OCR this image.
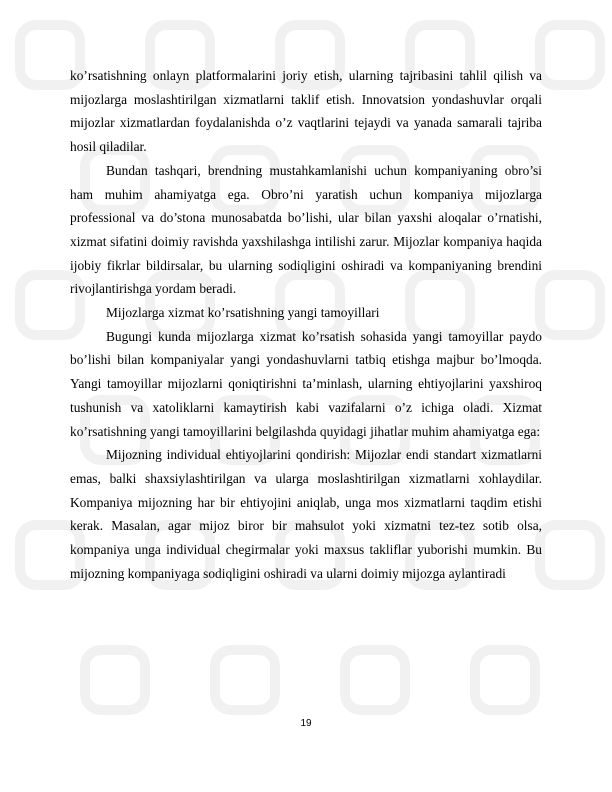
ko’rsatishning onlayn platformalarini joriy etish, ularning tajribasini tahlil qilish va mijozlarga moslashtirilgan xizmatlarni taklif etish. Innovatsion yondashuvlar orqali mijozlar xizmatlardan foydalanishda o’z vaqtlarini tejaydi va yanada samarali tajriba hosil qiladilar.

Bundan tashqari, brendning mustahkamlanishi uchun kompaniyaning obro’si ham muhim ahamiyatga ega. Obro’ni yaratish uchun kompaniya mijozlarga professional va do’stona munosabatda bo’lishi, ular bilan yaxshi aloqalar o’rnatishi, xizmat sifatini doimiy ravishda yaxshilashga intilishi zarur. Mijozlar kompaniya haqida ijobiy fikrlar bildirsalar, bu ularning sodiqligini oshiradi va kompaniyaning brendini rivojlantirishga yordam beradi.

Mijozlarga xizmat ko’rsatishning yangi tamoyillari

Bugungi kunda mijozlarga xizmat ko’rsatish sohasida yangi tamoyillar paydo bo’lishi bilan kompaniyalar yangi yondashuvlarni tatbiq etishga majbur bo’lmoqda. Yangi tamoyillar mijozlarni qoniqtirishni ta’minlash, ularning ehtiyojlarini yaxshiroq tushunish va xatoliklarni kamaytirish kabi vazifalarni o’z ichiga oladi. Xizmat ko’rsatishning yangi tamoyillarini belgilashda quyidagi jihatlar muhim ahamiyatga ega:

Mijozning individual ehtiyojlarini qondirish: Mijozlar endi standart xizmatlarni emas, balki shaxsiylashtirilgan va ularga moslashtirilgan xizmatlarni xohlaydilar. Kompaniya mijozning har bir ehtiyojini aniqlab, unga mos xizmatlarni taqdim etishi kerak. Masalan, agar mijoz biror bir mahsulot yoki xizmatni tez-tez sotib olsa, kompaniya unga individual chegirmalar yoki maxsus takliflar yuborishi mumkin. Bu mijozning kompaniyaga sodiqligini oshiradi va ularni doimiy mijozga aylantiradi

19
